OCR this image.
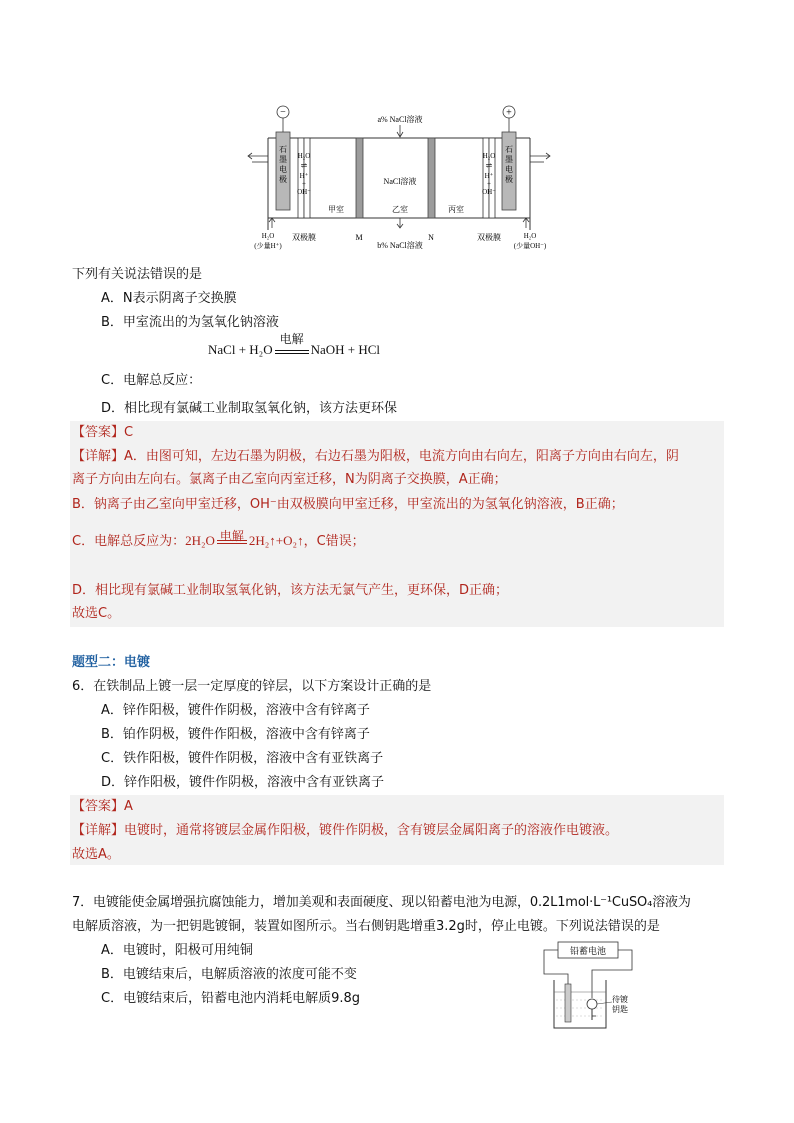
a% NaCl溶液
−
石
墨
电
极
H₂O
⇌
H⁺
+
OH⁻
甲室	乙室	丙室
NaCl溶液
H₂O
⇌
H⁺
+
OH⁻
+
石
墨
电
极
H₂O
(少量H⁺)
双极膜	M
b% NaCl溶液
N	双极膜	H₂O
(少量OH⁻)
下列有关说法错误的是
A．N表示阴离子交换膜
B．甲室流出的为氢氧化钠溶液
NaCl + H₂O
电解
NaOH + HCl
C．电解总反应：
D．相比现有氯碱工业制取氢氧化钠，该方法更环保
【答案】C
【详解】A．由图可知，左边石墨为阴极，右边石墨为阳极，电流方向由右向左，阳离子方向由右向左，阴
离子方向由左向右。氯离子由乙室向丙室迁移，N为阴离子交换膜，A正确；
B．钠离子由乙室向甲室迁移，OH⁻由双极膜向甲室迁移，甲室流出的为氢氧化钠溶液，B正确；
C．电解总反应为：2H₂O 电解 2H₂↑+O₂↑，C错误；
D．相比现有氯碱工业制取氢氧化钠，该方法无氯气产生，更环保，D正确；
故选C。
题型二：电镀
6．在铁制品上镀一层一定厚度的锌层，以下方案设计正确的是
A．锌作阳极，镀件作阴极，溶液中含有锌离子
B．铂作阴极，镀件作阳极，溶液中含有锌离子
C．铁作阳极，镀件作阴极，溶液中含有亚铁离子
D．锌作阳极，镀件作阴极，溶液中含有亚铁离子
【答案】A
【详解】电镀时，通常将镀层金属作阳极，镀件作阴极，含有镀层金属阳离子的溶液作电镀液。
故选A。
7．电镀能使金属增强抗腐蚀能力，增加美观和表面硬度、现以铅蓄电池为电源，0.2L1mol·L⁻¹CuSO₄溶液为
电解质溶液，为一把钥匙镀铜，装置如图所示。当右侧钥匙增重3.2g时，停止电镀。下列说法错误的是
A．电镀时，阳极可用纯铜
B．电镀结束后，电解质溶液的浓度可能不变
C．电镀结束后，铅蓄电池内消耗电解质9.8g
铅蓄电池
待镀
钥匙
